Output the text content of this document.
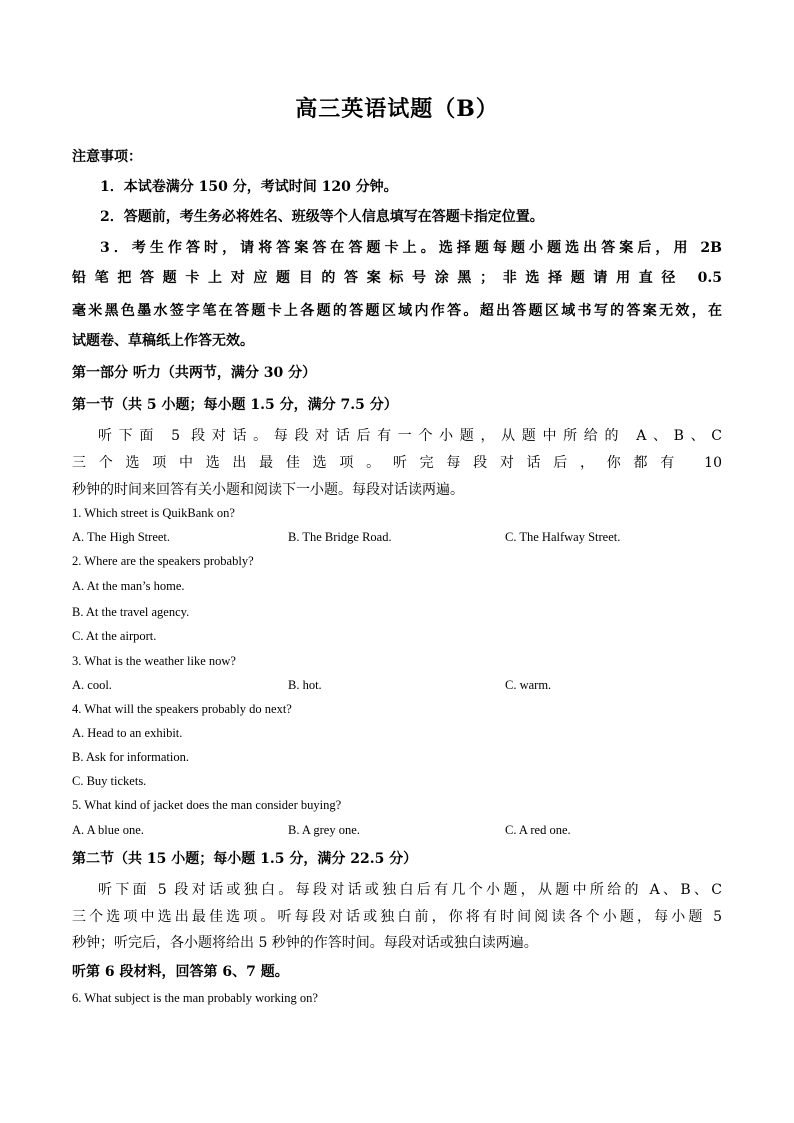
高三英语试题（B）
注意事项：
1．本试卷满分 150 分，考试时间 120 分钟。
2．答题前，考生务必将姓名、班级等个人信息填写在答题卡指定位置。
3．考生作答时，请将答案答在答题卡上。选择题每题小题选出答案后，用 2B
铅笔把答题卡上对应题目的答案标号涂黑；非选择题请用直径 0.5
毫米黑色墨水签字笔在答题卡上各题的答题区域内作答。超出答题区域书写的答案无效，在
试题卷、草稿纸上作答无效。
第一部分 听力（共两节，满分 30 分）
第一节（共 5 小题；每小题 1.5 分，满分 7.5 分）
听下面 5 段对话。每段对话后有一个小题，从题中所给的 A、B、C
三个选项中选出最佳选项。听完每段对话后，你都有 10
秒钟的时间来回答有关小题和阅读下一小题。每段对话读两遍。
1. Which street is QuikBank on?
A. The High Street.	B. The Bridge Road.	C. The Halfway Street.
2. Where are the speakers probably?
A. At the man’s home.
B. At the travel agency.
C. At the airport.
3. What is the weather like now?
A. cool.	B. hot.	C. warm.
4. What will the speakers probably do next?
A. Head to an exhibit.
B. Ask for information.
C. Buy tickets.
5. What kind of jacket does the man consider buying?
A. A blue one.	B. A grey one.	C. A red one.
第二节（共 15 小题；每小题 1.5 分，满分 22.5 分）
听下面 5 段对话或独白。每段对话或独白后有几个小题，从题中所给的 A、B、C
三个选项中选出最佳选项。听每段对话或独白前，你将有时间阅读各个小题，每小题 5
秒钟；听完后，各小题将给出 5 秒钟的作答时间。每段对话或独白读两遍。
听第 6 段材料，回答第 6、7 题。
6. What subject is the man probably working on?
